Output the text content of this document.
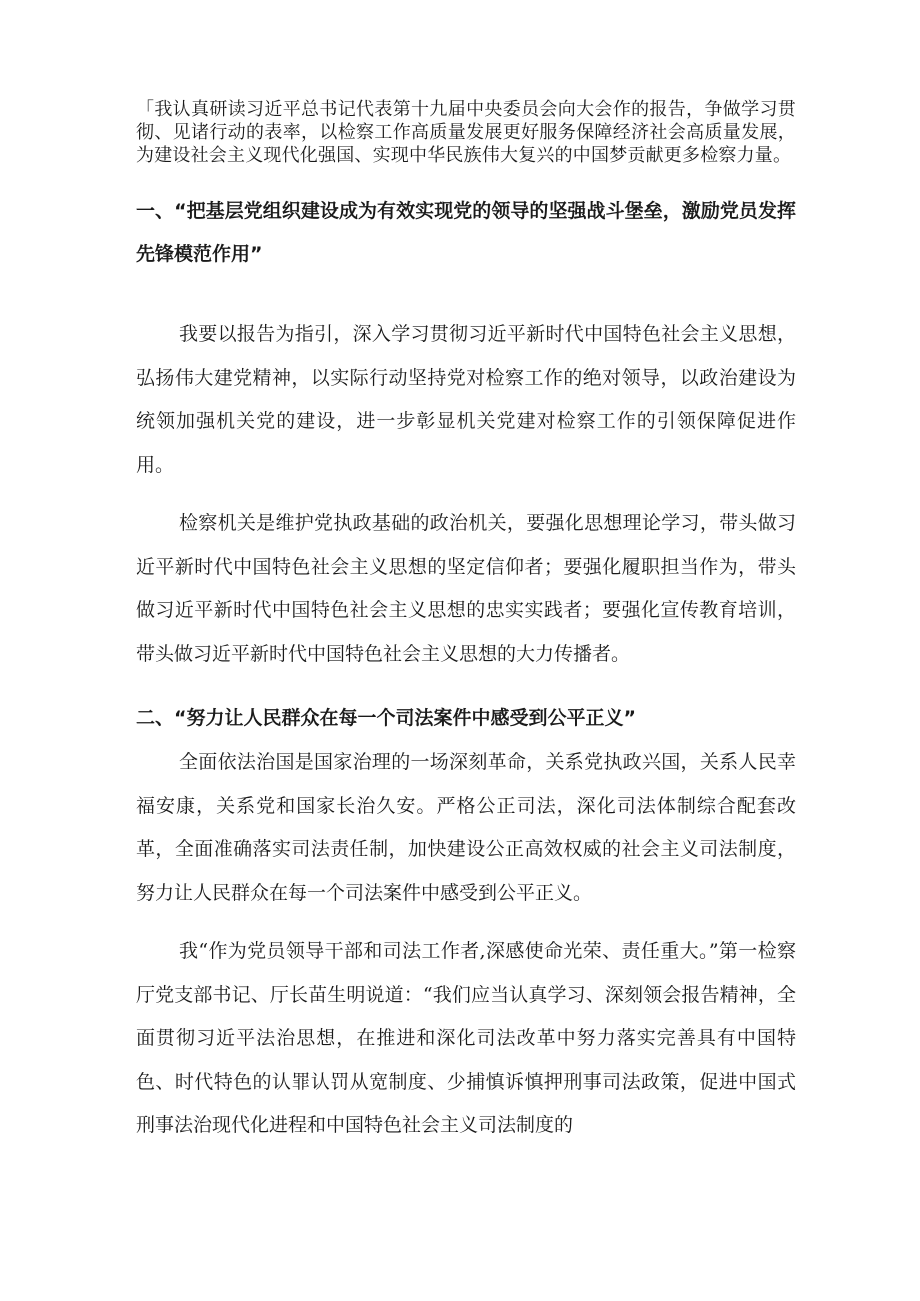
「我认真研读习近平总书记代表第十九届中央委员会向大会作的报告，争做学习贯彻、见诸行动的表率，以检察工作高质量发展更好服务保障经济社会高质量发展，为建设社会主义现代化强国、实现中华民族伟大复兴的中国梦贡献更多检察力量。

一、“把基层党组织建设成为有效实现党的领导的坚强战斗堡垒，激励党员发挥先锋模范作用”

我要以报告为指引，深入学习贯彻习近平新时代中国特色社会主义思想，弘扬伟大建党精神，以实际行动坚持党对检察工作的绝对领导，以政治建设为统领加强机关党的建设，进一步彰显机关党建对检察工作的引领保障促进作用。

检察机关是维护党执政基础的政治机关，要强化思想理论学习，带头做习近平新时代中国特色社会主义思想的坚定信仰者；要强化履职担当作为，带头做习近平新时代中国特色社会主义思想的忠实实践者；要强化宣传教育培训，带头做习近平新时代中国特色社会主义思想的大力传播者。

二、“努力让人民群众在每一个司法案件中感受到公平正义”

全面依法治国是国家治理的一场深刻革命，关系党执政兴国，关系人民幸福安康，关系党和国家长治久安。严格公正司法，深化司法体制综合配套改革，全面准确落实司法责任制，加快建设公正高效权威的社会主义司法制度，努力让人民群众在每一个司法案件中感受到公平正义。

我“作为党员领导干部和司法工作者,深感使命光荣、责任重大。”第一检察厅党支部书记、厅长苗生明说道：“我们应当认真学习、深刻领会报告精神，全面贯彻习近平法治思想，在推进和深化司法改革中努力落实完善具有中国特色、时代特色的认罪认罚从宽制度、少捕慎诉慎押刑事司法政策，促进中国式刑事法治现代化进程和中国特色社会主义司法制度的
